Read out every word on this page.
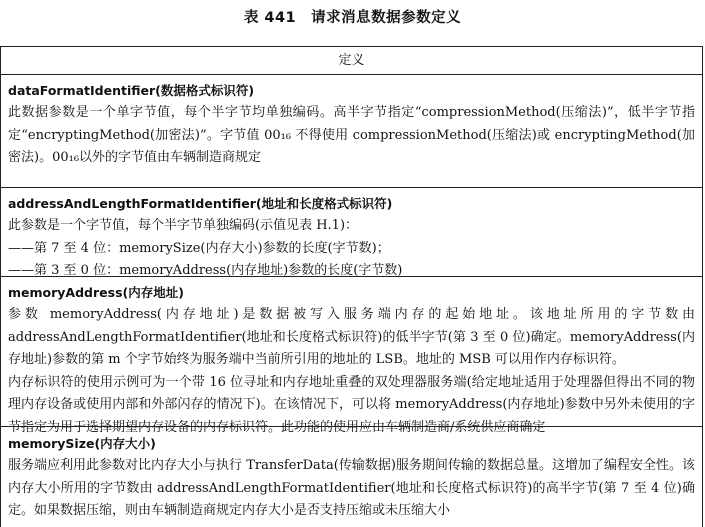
表 441　请求消息数据参数定义
定义
dataFormatIdentifier(数据格式标识符)

此数据参数是一个单字节值，每个半字节均单独编码。高半字节指定“compressionMethod(压缩法)”，低半字节指定“encryptingMethod(加密法)”。字节值 00₁₆ 不得使用 compressionMethod(压缩法)或 encryptingMethod(加密法)。00₁₆以外的字节值由车辆制造商规定

addressAndLengthFormatIdentifier(地址和长度格式标识符)

此参数是一个字节值，每个半字节单独编码(示值见表 H.1)：

——第 7 至 4 位：memorySize(内存大小)参数的长度(字节数)；

——第 3 至 0 位：memoryAddress(内存地址)参数的长度(字节数)

memoryAddress(内存地址)

参数 memoryAddress(内存地址)是数据被写入服务端内存的起始地址。该地址所用的字节数由 addressAndLengthFormatIdentifier(地址和长度格式标识符)的低半字节(第 3 至 0 位)确定。memoryAddress(内存地址)参数的第 m 个字节始终为服务端中当前所引用的地址的 LSB。地址的 MSB 可以用作内存标识符。

内存标识符的使用示例可为一个带 16 位寻址和内存地址重叠的双处理器服务端(给定地址适用于处理器但得出不同的物理内存设备或使用内部和外部闪存的情况下)。在该情况下，可以将 memoryAddress(内存地址)参数中另外未使用的字节指定为用于选择期望内存设备的内存标识符。此功能的使用应由车辆制造商/系统供应商确定

memorySize(内存大小)

服务端应利用此参数对比内存大小与执行 TransferData(传输数据)服务期间传输的数据总量。这增加了编程安全性。该内存大小所用的字节数由 addressAndLengthFormatIdentifier(地址和长度格式标识符)的高半字节(第 7 至 4 位)确定。如果数据压缩，则由车辆制造商规定内存大小是否支持压缩或未压缩大小
